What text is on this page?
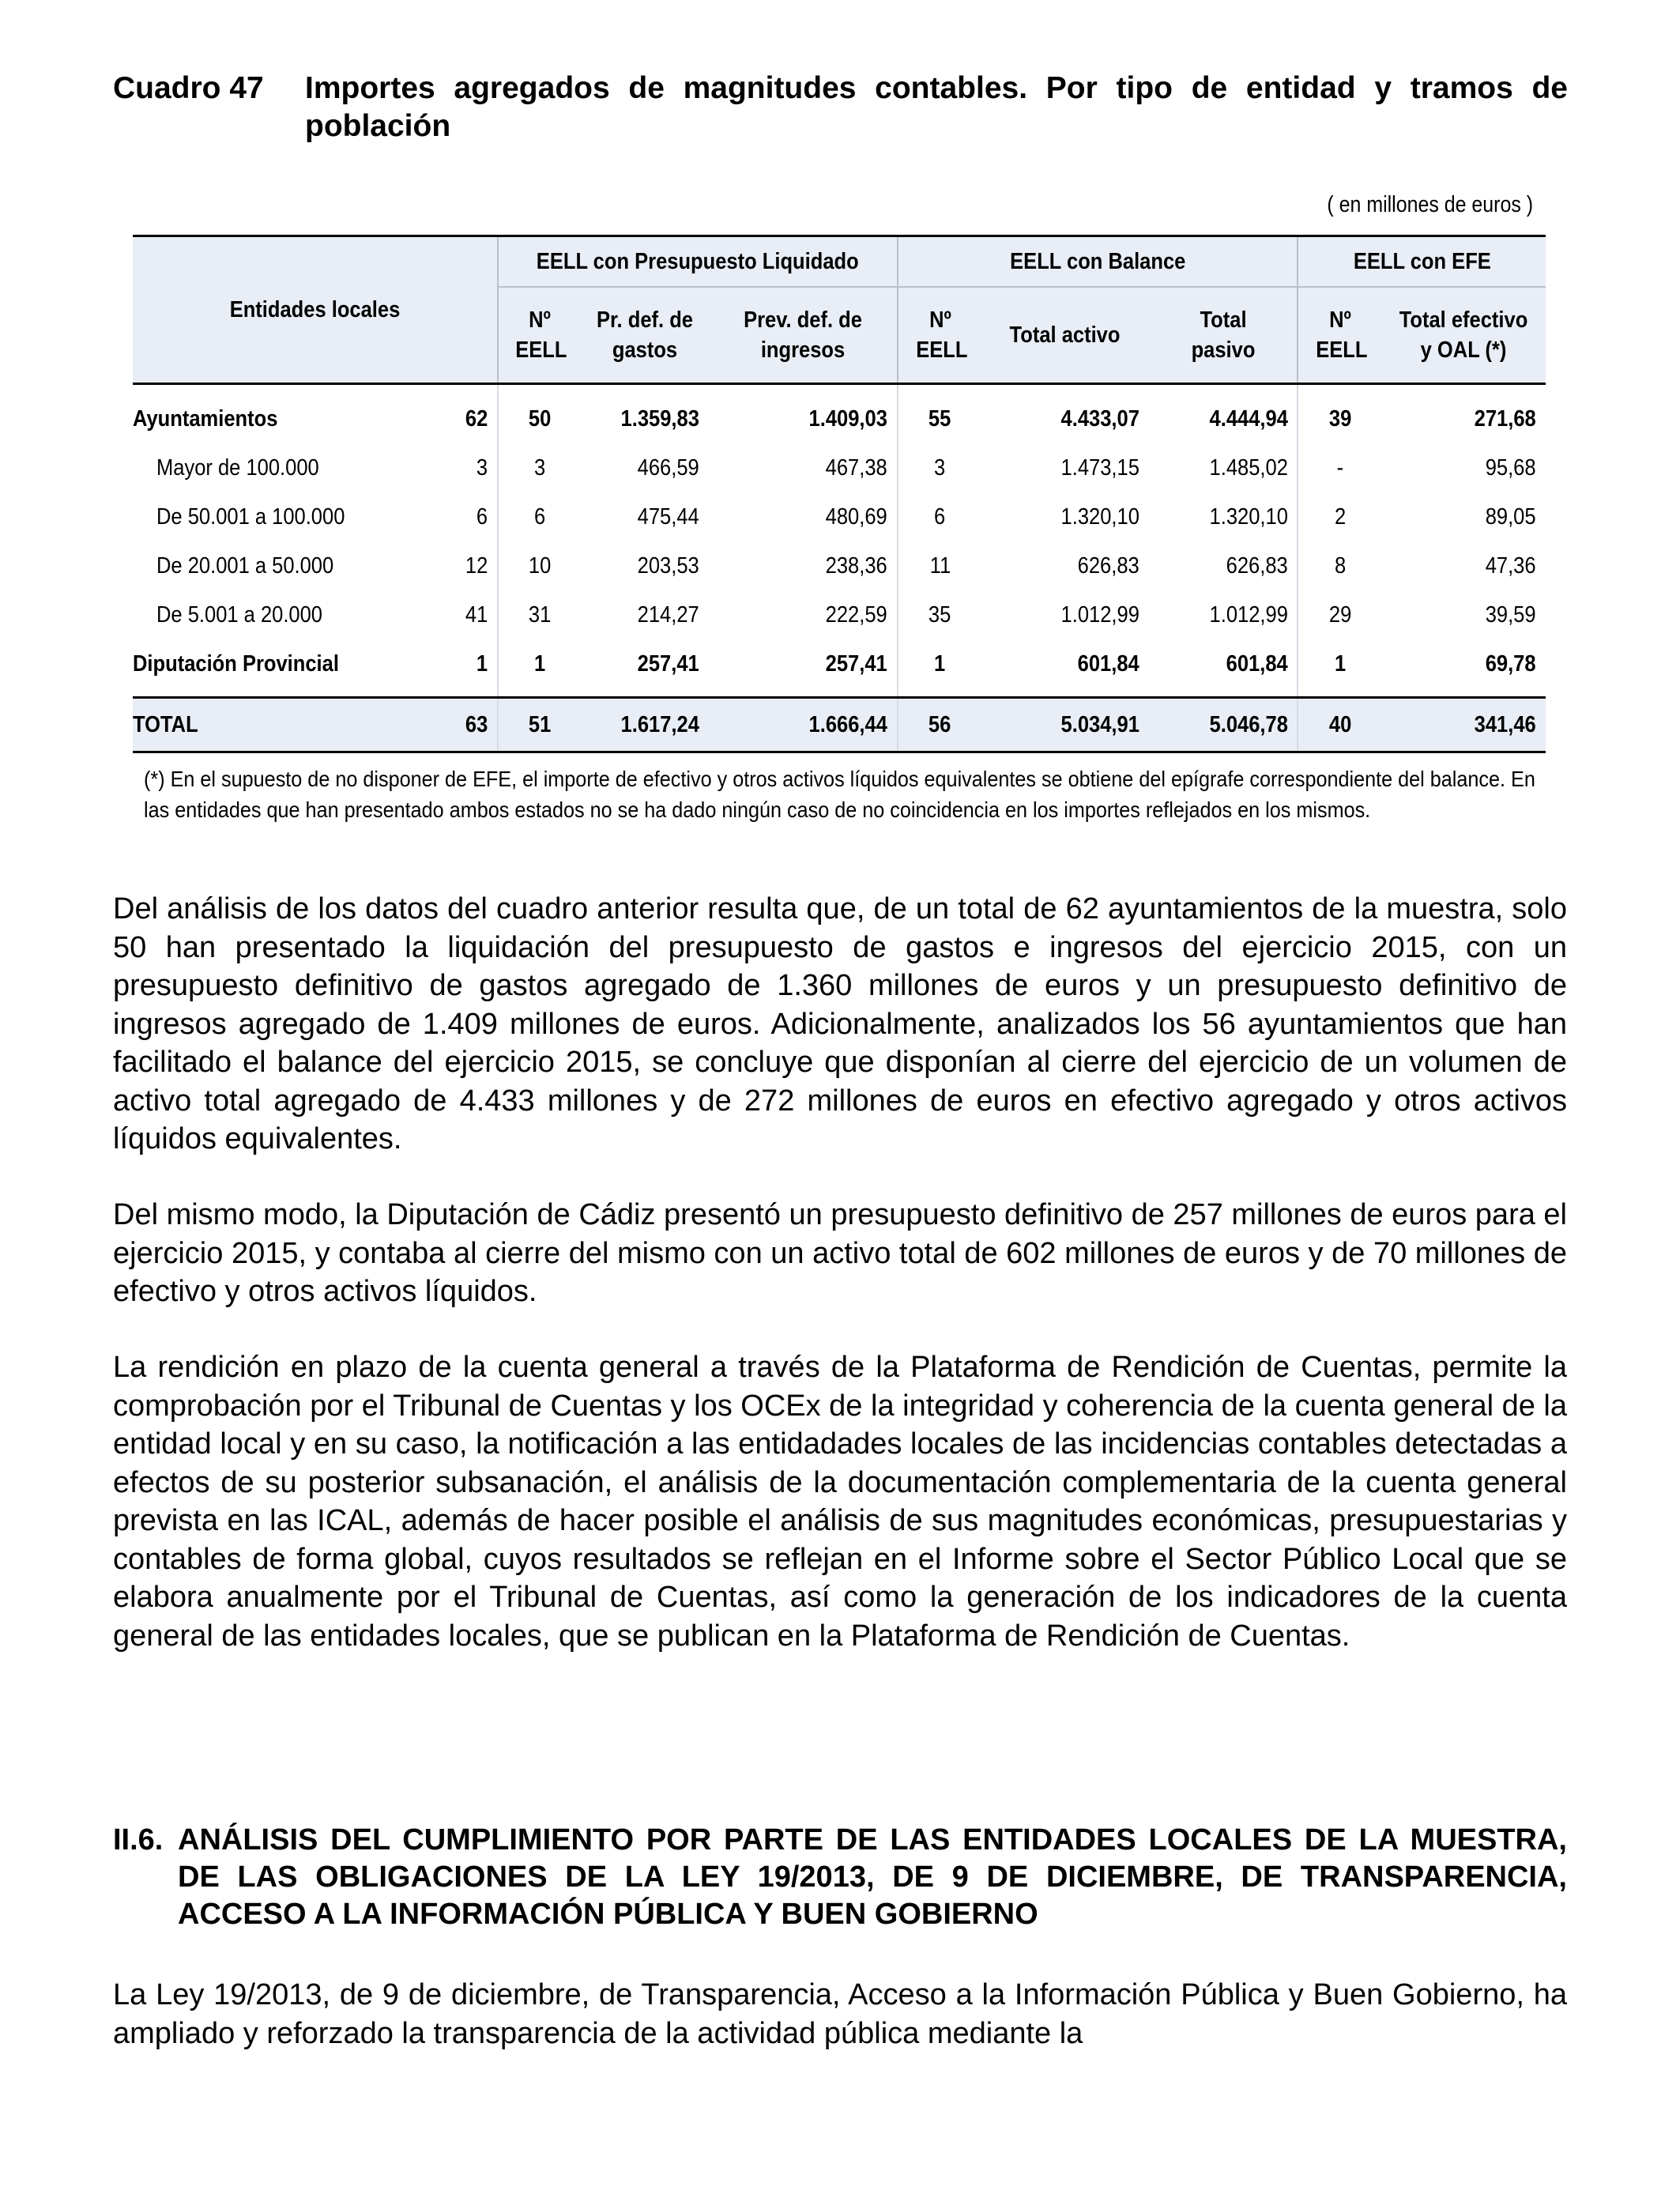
Cuadro 47 Importes agregados de magnitudes contables. Por tipo de entidad y tramos de población
( en millones de euros )
Entidades locales		EELL con Presupuesto Liquidado			EELL con Balance			EELL con EFE	
		Nº EELL	Pr. def. de gastos	Prev. def. de ingresos	Nº EELL	Total activo	Total pasivo	Nº EELL	Total efectivo y OAL (*)
Ayuntamientos	62	50	1.359,83	1.409,03	55	4.433,07	4.444,94	39	271,68
Mayor de 100.000	3	3	466,59	467,38	3	1.473,15	1.485,02	-	95,68
De 50.001 a 100.000	6	6	475,44	480,69	6	1.320,10	1.320,10	2	89,05
De 20.001 a 50.000	12	10	203,53	238,36	11	626,83	626,83	8	47,36
De 5.001 a 20.000	41	31	214,27	222,59	35	1.012,99	1.012,99	29	39,59
Diputación Provincial	1	1	257,41	257,41	1	601,84	601,84	1	69,78
TOTAL	63	51	1.617,24	1.666,44	56	5.034,91	5.046,78	40	341,46
(*) En el supuesto de no disponer de EFE, el importe de efectivo y otros activos líquidos equivalentes se obtiene del epígrafe correspondiente del balance. En las entidades que han presentado ambos estados no se ha dado ningún caso de no coincidencia en los importes reflejados en los mismos.

Del análisis de los datos del cuadro anterior resulta que, de un total de 62 ayuntamientos de la muestra, solo 50 han presentado la liquidación del presupuesto de gastos e ingresos del ejercicio 2015, con un presupuesto definitivo de gastos agregado de 1.360 millones de euros y un presupuesto definitivo de ingresos agregado de 1.409 millones de euros. Adicionalmente, analizados los 56 ayuntamientos que han facilitado el balance del ejercicio 2015, se concluye que disponían al cierre del ejercicio de un volumen de activo total agregado de 4.433 millones y de 272 millones de euros en efectivo agregado y otros activos líquidos equivalentes.

Del mismo modo, la Diputación de Cádiz presentó un presupuesto definitivo de 257 millones de euros para el ejercicio 2015, y contaba al cierre del mismo con un activo total de 602 millones de euros y de 70 millones de efectivo y otros activos líquidos.

La rendición en plazo de la cuenta general a través de la Plataforma de Rendición de Cuentas, permite la comprobación por el Tribunal de Cuentas y los OCEx de la integridad y coherencia de la cuenta general de la entidad local y en su caso, la notificación a las entidadades locales de las incidencias contables detectadas a efectos de su posterior subsanación, el análisis de la documentación complementaria de la cuenta general prevista en las ICAL, además de hacer posible el análisis de sus magnitudes económicas, presupuestarias y contables de forma global, cuyos resultados se reflejan en el Informe sobre el Sector Público Local que se elabora anualmente por el Tribunal de Cuentas, así como la generación de los indicadores de la cuenta general de las entidades locales, que se publican en la Plataforma de Rendición de Cuentas.

II.6. ANÁLISIS DEL CUMPLIMIENTO POR PARTE DE LAS ENTIDADES LOCALES DE LA MUESTRA, DE LAS OBLIGACIONES DE LA LEY 19/2013, DE 9 DE DICIEMBRE, DE TRANSPARENCIA, ACCESO A LA INFORMACIÓN PÚBLICA Y BUEN GOBIERNO

La Ley 19/2013, de 9 de diciembre, de Transparencia, Acceso a la Información Pública y Buen Gobierno, ha ampliado y reforzado la transparencia de la actividad pública mediante la
